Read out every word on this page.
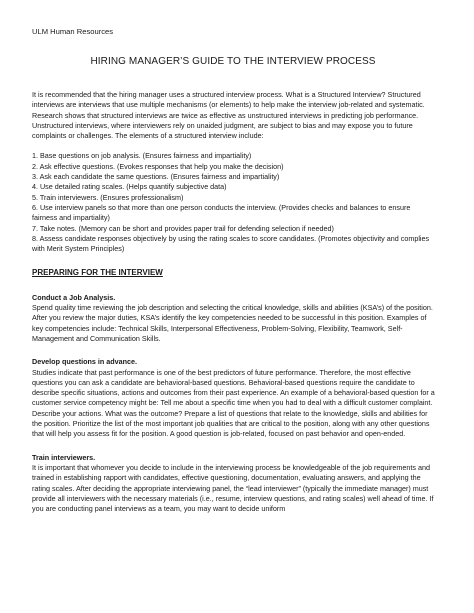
ULM Human Resources
HIRING MANAGER’S GUIDE TO THE INTERVIEW PROCESS

It is recommended that the hiring manager uses a structured interview process. What is a Structured Interview? Structured interviews are interviews that use multiple mechanisms (or elements) to help make the interview job-related and systematic. Research shows that structured interviews are twice as effective as unstructured interviews in predicting job performance. Unstructured interviews, where interviewers rely on unaided judgment, are subject to bias and may expose you to future complaints or challenges. The elements of a structured interview include:

1. Base questions on job analysis. (Ensures fairness and impartiality)

2. Ask effective questions. (Evokes responses that help you make the decision)

3. Ask each candidate the same questions. (Ensures fairness and impartiality)

4. Use detailed rating scales. (Helps quantify subjective data)

5. Train interviewers. (Ensures professionalism)

6. Use interview panels so that more than one person conducts the interview. (Provides checks and balances to ensure fairness and impartiality)

7. Take notes. (Memory can be short and provides paper trail for defending selection if needed)

8. Assess candidate responses objectively by using the rating scales to score candidates. (Promotes objectivity and complies with Merit System Principles)

PREPARING FOR THE INTERVIEW

Conduct a Job Analysis.

Spend quality time reviewing the job description and selecting the critical knowledge, skills and abilities (KSA’s) of the position. After you review the major duties, KSA’s identify the key competencies needed to be successful in this position. Examples of key competencies include: Technical Skills, Interpersonal Effectiveness, Problem-Solving, Flexibility, Teamwork, Self-Management and Communication Skills.

Develop questions in advance.

Studies indicate that past performance is one of the best predictors of future performance. Therefore, the most effective questions you can ask a candidate are behavioral-based questions. Behavioral-based questions require the candidate to describe specific situations, actions and outcomes from their past experience. An example of a behavioral-based question for a customer service competency might be: Tell me about a specific time when you had to deal with a difficult customer complaint. Describe your actions. What was the outcome? Prepare a list of questions that relate to the knowledge, skills and abilities for the position. Prioritize the list of the most important job qualities that are critical to the position, along with any other questions that will help you assess fit for the position. A good question is job-related, focused on past behavior and open-ended.

Train interviewers.

It is important that whomever you decide to include in the interviewing process be knowledgeable of the job requirements and trained in establishing rapport with candidates, effective questioning, documentation, evaluating answers, and applying the rating scales. After deciding the appropriate interviewing panel, the “lead interviewer” (typically the immediate manager) must provide all interviewers with the necessary materials (i.e., resume, interview questions, and rating scales) well ahead of time. If you are conducting panel interviews as a team, you may want to decide uniform
